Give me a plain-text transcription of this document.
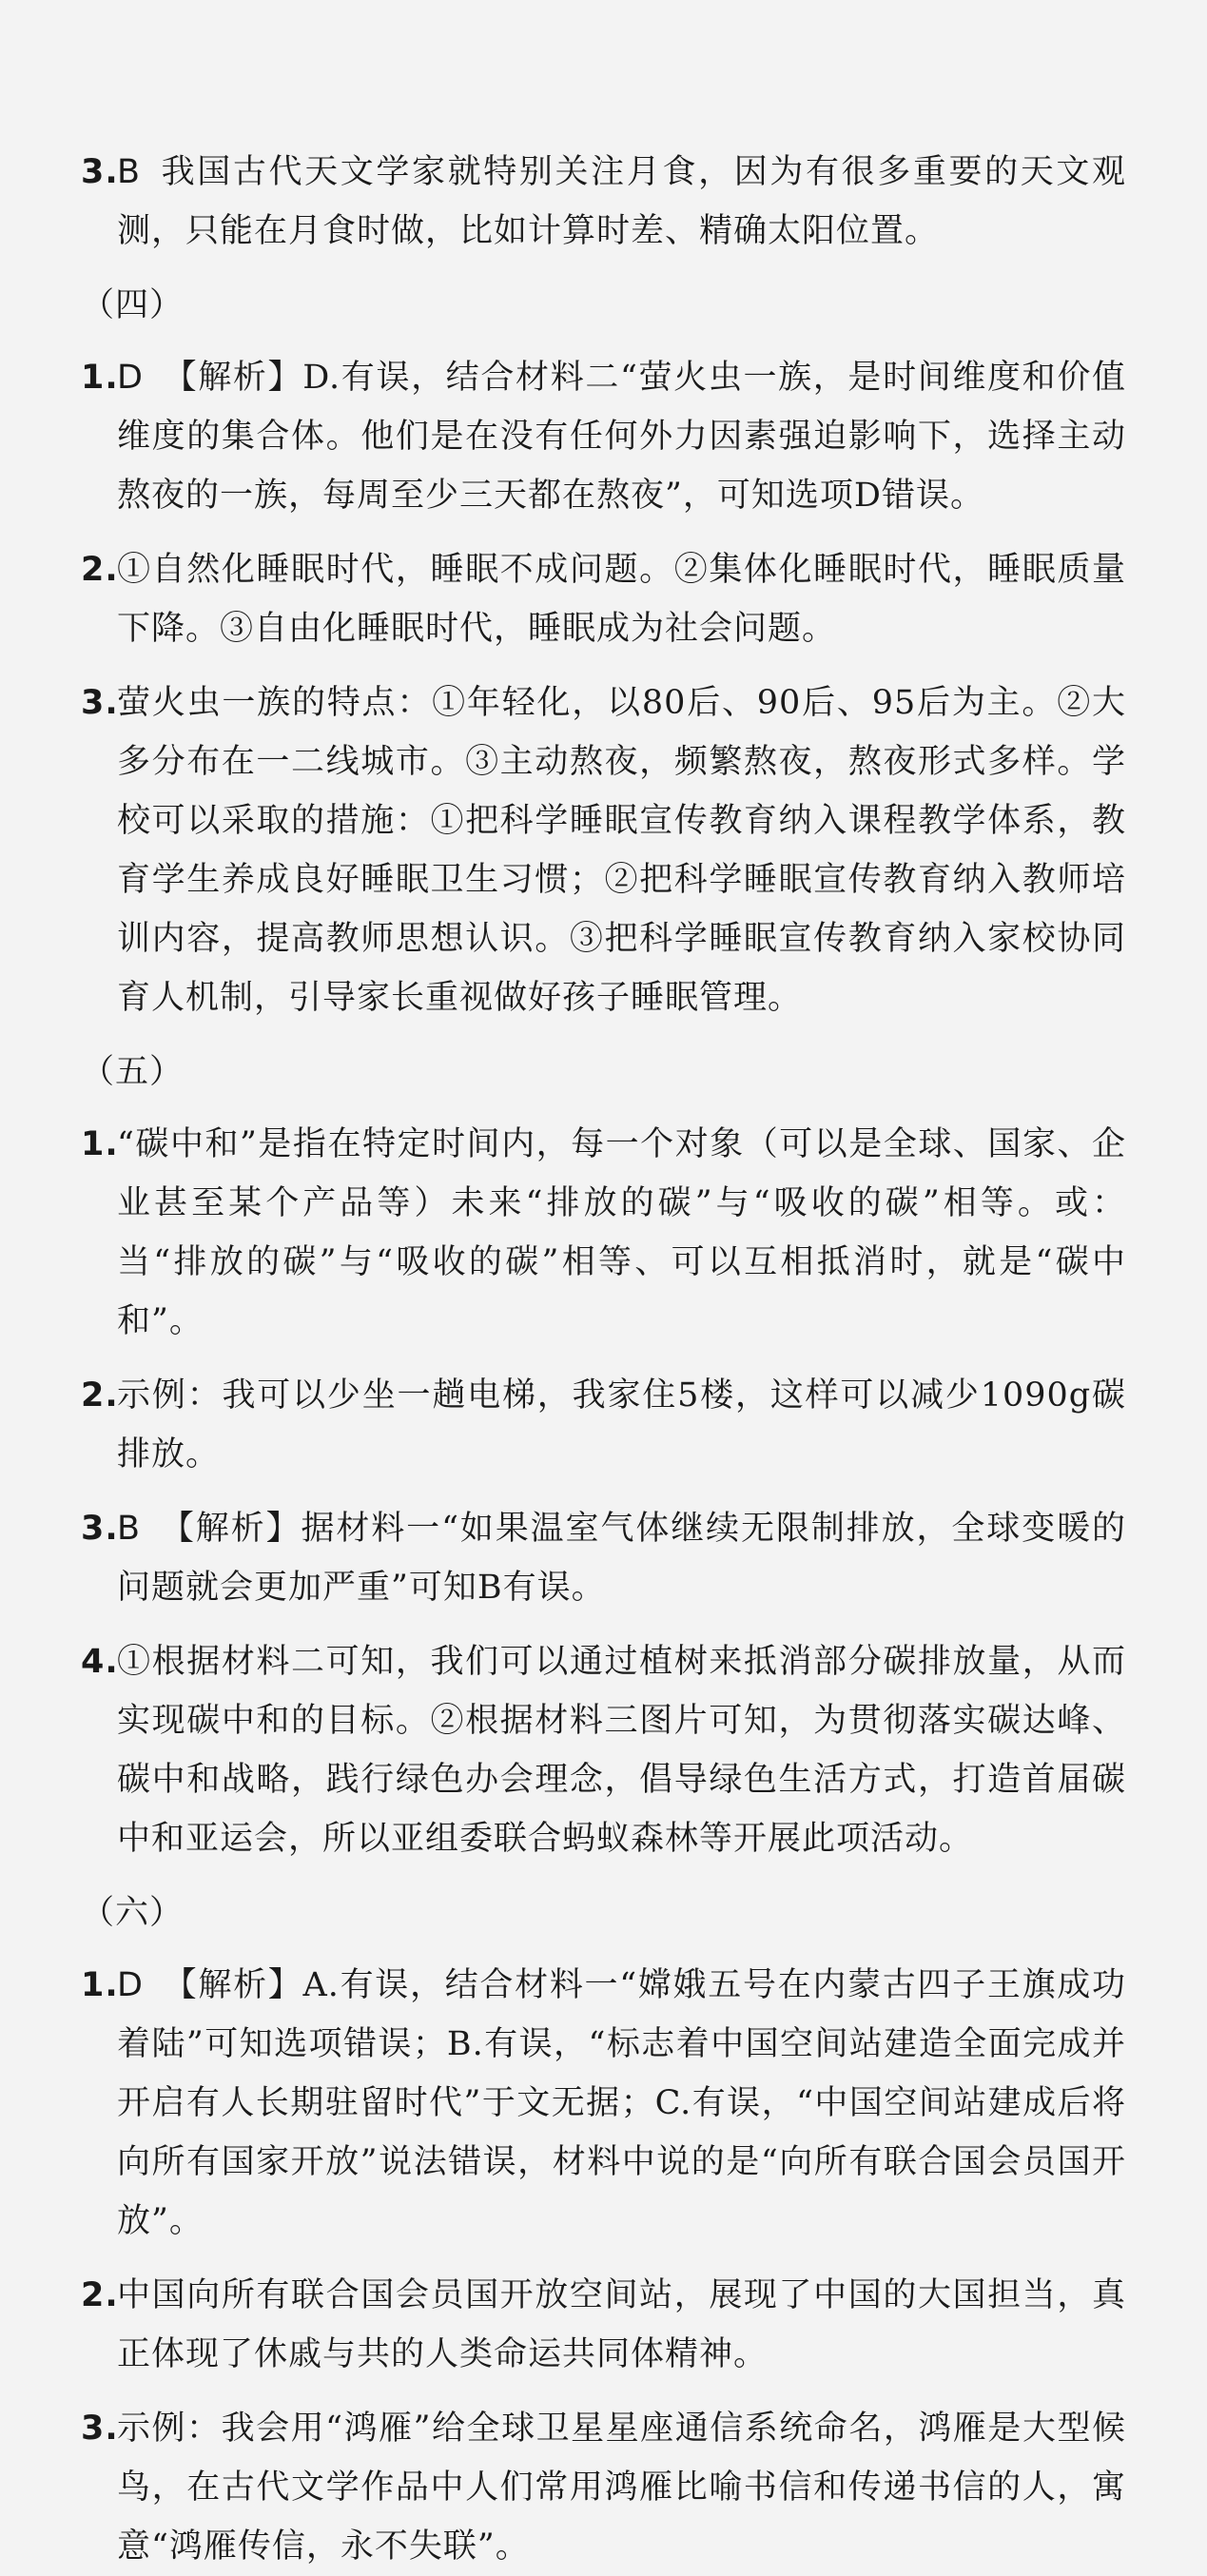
3.
B 我国古代天文学家就特别关注月食，因为有很多重要的天文观测，只能在月食时做，比如计算时差、精确太阳位置。
（四）
1.
D 【解析】D.有误，结合材料二“萤火虫一族，是时间维度和价值维度的集合体。他们是在没有任何外力因素强迫影响下，选择主动熬夜的一族，每周至少三天都在熬夜”，可知选项D错误。
2.
①自然化睡眠时代，睡眠不成问题。②集体化睡眠时代，睡眠质量下降。③自由化睡眠时代，睡眠成为社会问题。
3.
萤火虫一族的特点：①年轻化，以80后、90后、95后为主。②大多分布在一二线城市。③主动熬夜，频繁熬夜，熬夜形式多样。学校可以采取的措施：①把科学睡眠宣传教育纳入课程教学体系，教育学生养成良好睡眠卫生习惯；②把科学睡眠宣传教育纳入教师培训内容，提高教师思想认识。③把科学睡眠宣传教育纳入家校协同育人机制，引导家长重视做好孩子睡眠管理。
（五）
1.
“碳中和”是指在特定时间内，每一个对象（可以是全球、国家、企业甚至某个产品等）未来“排放的碳”与“吸收的碳”相等。或：当“排放的碳”与“吸收的碳”相等、可以互相抵消时，就是“碳中和”。
2.
示例：我可以少坐一趟电梯，我家住5楼，这样可以减少1090g碳排放。
3.
B 【解析】据材料一“如果温室气体继续无限制排放，全球变暖的问题就会更加严重”可知B有误。
4.
①根据材料二可知，我们可以通过植树来抵消部分碳排放量，从而实现碳中和的目标。②根据材料三图片可知，为贯彻落实碳达峰、碳中和战略，践行绿色办会理念，倡导绿色生活方式，打造首届碳中和亚运会，所以亚组委联合蚂蚁森林等开展此项活动。
（六）
1.
D 【解析】A.有误，结合材料一“嫦娥五号在内蒙古四子王旗成功着陆”可知选项错误；B.有误，“标志着中国空间站建造全面完成并开启有人长期驻留时代”于文无据；C.有误，“中国空间站建成后将向所有国家开放”说法错误，材料中说的是“向所有联合国会员国开放”。
2.
中国向所有联合国会员国开放空间站，展现了中国的大国担当，真正体现了休戚与共的人类命运共同体精神。
3.
示例：我会用“鸿雁”给全球卫星星座通信系统命名，鸿雁是大型候鸟，在古代文学作品中人们常用鸿雁比喻书信和传递书信的人，寓意“鸿雁传信，永不失联”。
